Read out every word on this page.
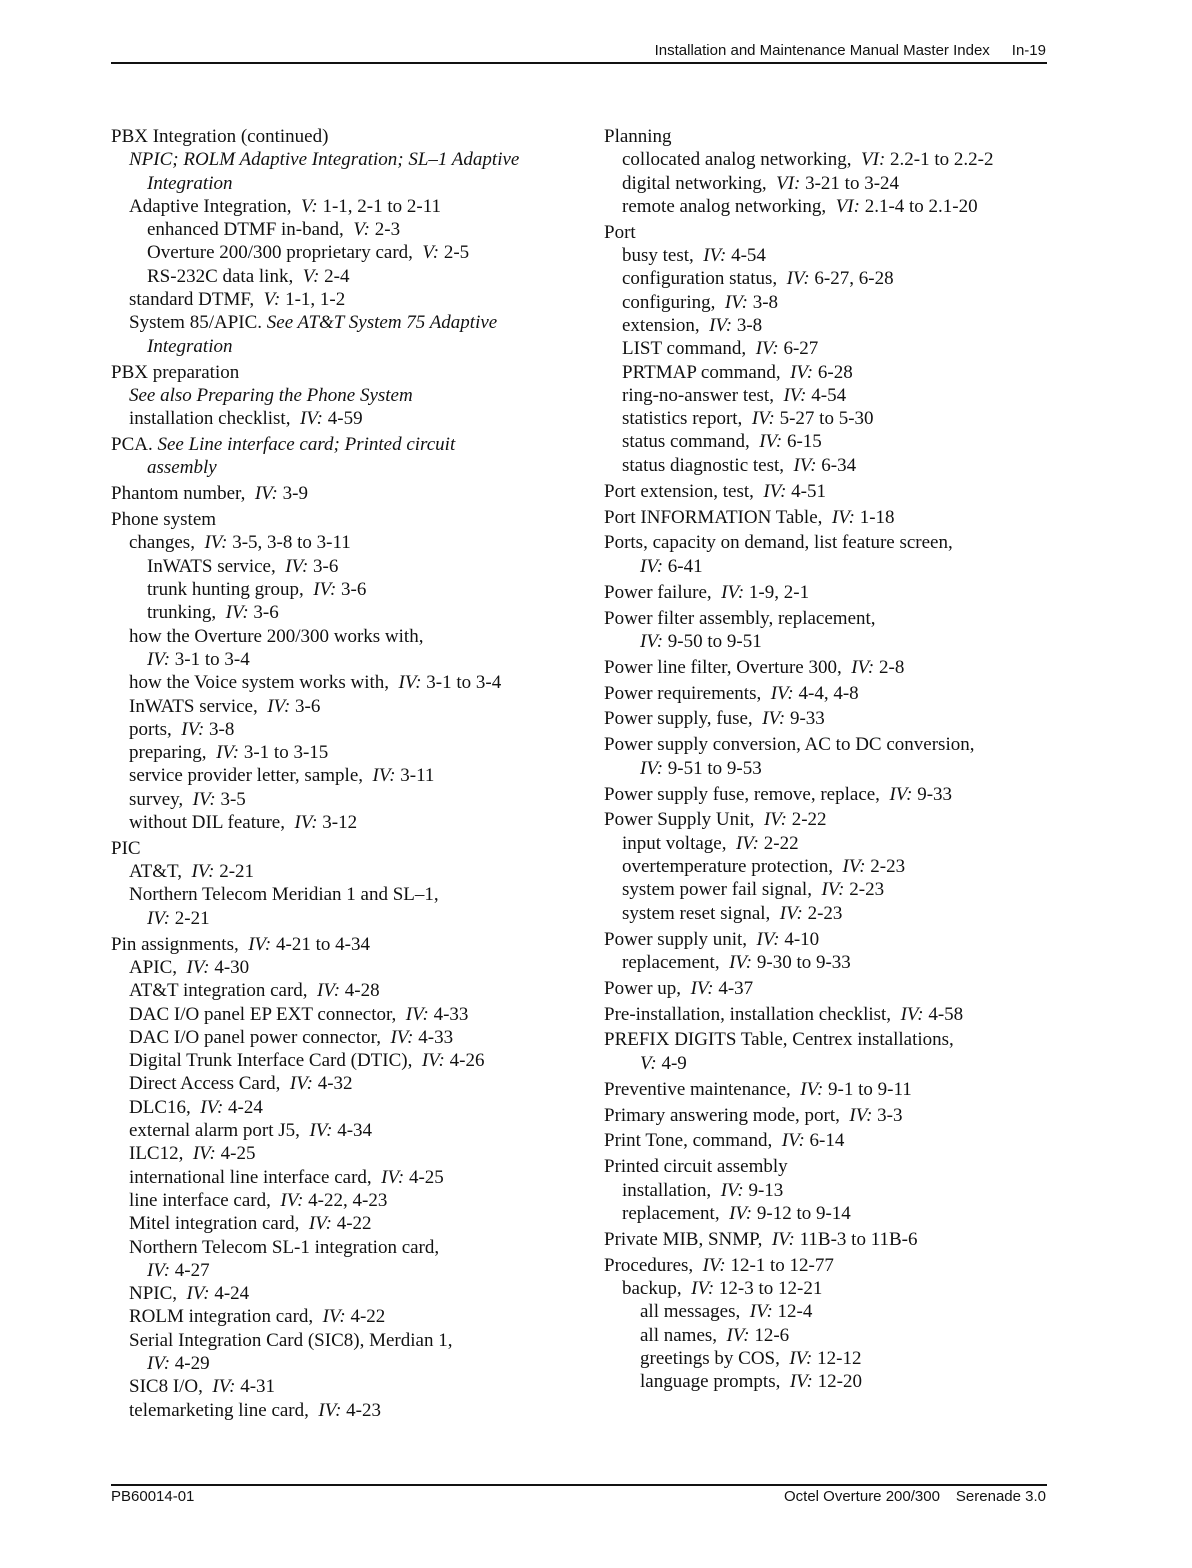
Installation and Maintenance Manual Master Index In-19
PBX Integration (continued)
NPIC; ROLM Adaptive Integration; SL–1 Adaptive
Integration
Adaptive Integration, V: 1-1, 2-1 to 2-11
enhanced DTMF in-band, V: 2-3
Overture 200/300 proprietary card, V: 2-5
RS-232C data link, V: 2-4
standard DTMF, V: 1-1, 1-2
System 85/APIC. See AT&T System 75 Adaptive
Integration
PBX preparation
See also Preparing the Phone System
installation checklist, IV: 4-59
PCA. See Line interface card; Printed circuit
assembly
Phantom number, IV: 3-9
Phone system
changes, IV: 3-5, 3-8 to 3-11
InWATS service, IV: 3-6
trunk hunting group, IV: 3-6
trunking, IV: 3-6
how the Overture 200/300 works with,
IV: 3-1 to 3-4
how the Voice system works with, IV: 3-1 to 3-4
InWATS service, IV: 3-6
ports, IV: 3-8
preparing, IV: 3-1 to 3-15
service provider letter, sample, IV: 3-11
survey, IV: 3-5
without DIL feature, IV: 3-12
PIC
AT&T, IV: 2-21
Northern Telecom Meridian 1 and SL–1,
IV: 2-21
Pin assignments, IV: 4-21 to 4-34
APIC, IV: 4-30
AT&T integration card, IV: 4-28
DAC I/O panel EP EXT connector, IV: 4-33
DAC I/O panel power connector, IV: 4-33
Digital Trunk Interface Card (DTIC), IV: 4-26
Direct Access Card, IV: 4-32
DLC16, IV: 4-24
external alarm port J5, IV: 4-34
ILC12, IV: 4-25
international line interface card, IV: 4-25
line interface card, IV: 4-22, 4-23
Mitel integration card, IV: 4-22
Northern Telecom SL-1 integration card,
IV: 4-27
NPIC, IV: 4-24
ROLM integration card, IV: 4-22
Serial Integration Card (SIC8), Merdian 1,
IV: 4-29
SIC8 I/O, IV: 4-31
telemarketing line card, IV: 4-23
Planning
collocated analog networking, VI: 2.2-1 to 2.2-2
digital networking, VI: 3-21 to 3-24
remote analog networking, VI: 2.1-4 to 2.1-20
Port
busy test, IV: 4-54
configuration status, IV: 6-27, 6-28
configuring, IV: 3-8
extension, IV: 3-8
LIST command, IV: 6-27
PRTMAP command, IV: 6-28
ring-no-answer test, IV: 4-54
statistics report, IV: 5-27 to 5-30
status command, IV: 6-15
status diagnostic test, IV: 6-34
Port extension, test, IV: 4-51
Port INFORMATION Table, IV: 1-18
Ports, capacity on demand, list feature screen,
IV: 6-41
Power failure, IV: 1-9, 2-1
Power filter assembly, replacement,
IV: 9-50 to 9-51
Power line filter, Overture 300, IV: 2-8
Power requirements, IV: 4-4, 4-8
Power supply, fuse, IV: 9-33
Power supply conversion, AC to DC conversion,
IV: 9-51 to 9-53
Power supply fuse, remove, replace, IV: 9-33
Power Supply Unit, IV: 2-22
input voltage, IV: 2-22
overtemperature protection, IV: 2-23
system power fail signal, IV: 2-23
system reset signal, IV: 2-23
Power supply unit, IV: 4-10
replacement, IV: 9-30 to 9-33
Power up, IV: 4-37
Pre-installation, installation checklist, IV: 4-58
PREFIX DIGITS Table, Centrex installations,
V: 4-9
Preventive maintenance, IV: 9-1 to 9-11
Primary answering mode, port, IV: 3-3
Print Tone, command, IV: 6-14
Printed circuit assembly
installation, IV: 9-13
replacement, IV: 9-12 to 9-14
Private MIB, SNMP, IV: 11B-3 to 11B-6
Procedures, IV: 12-1 to 12-77
backup, IV: 12-3 to 12-21
all messages, IV: 12-4
all names, IV: 12-6
greetings by COS, IV: 12-12
language prompts, IV: 12-20
PB60014-01	Octel Overture 200/300 Serenade 3.0
